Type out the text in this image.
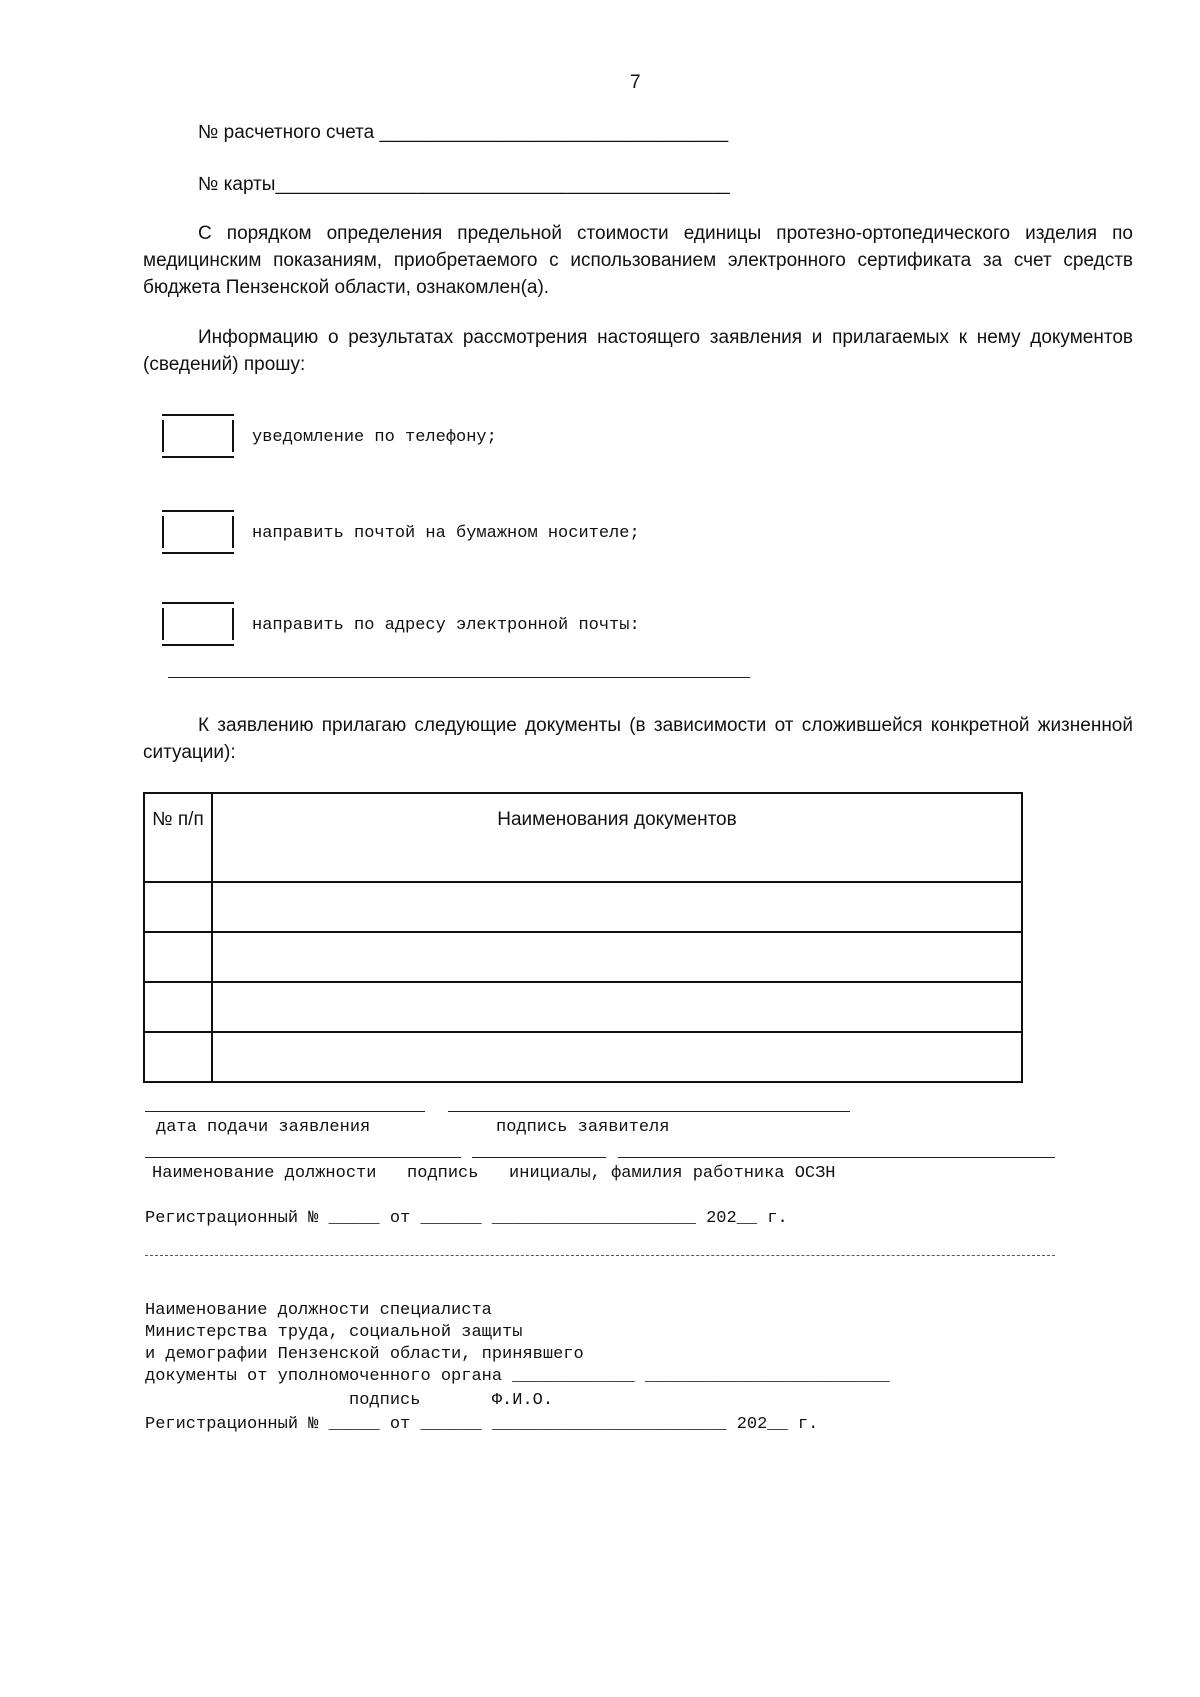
7
№ расчетного счета _________________________________
№ карты___________________________________________
С порядком определения предельной стоимости единицы протезно-ортопедического изделия по медицинским показаниям, приобретаемого с использованием электронного сертификата за счет средств бюджета Пензенской области, ознакомлен(а).
Информацию о результатах рассмотрения настоящего заявления и прилагаемых к нему документов (сведений) прошу:
уведомление по телефону;
направить почтой на бумажном носителе;
направить по адресу электронной почты:
К заявлению прилагаю следующие документы (в зависимости от сложившейся конкретной жизненной ситуации):
№ п/п	Наименования документов

дата подачи заявления	подпись заявителя
Наименование должности   подпись   инициалы, фамилия работника ОСЗН
Регистрационный № _____ от ______ ____________________ 202__ г.
Наименование должности специалиста
Министерства труда, социальной защиты
и демографии Пензенской области, принявшего
документы от уполномоченного органа ____________ ________________________
подпись       Ф.И.О.
Регистрационный № _____ от ______ _______________________ 202__ г.
